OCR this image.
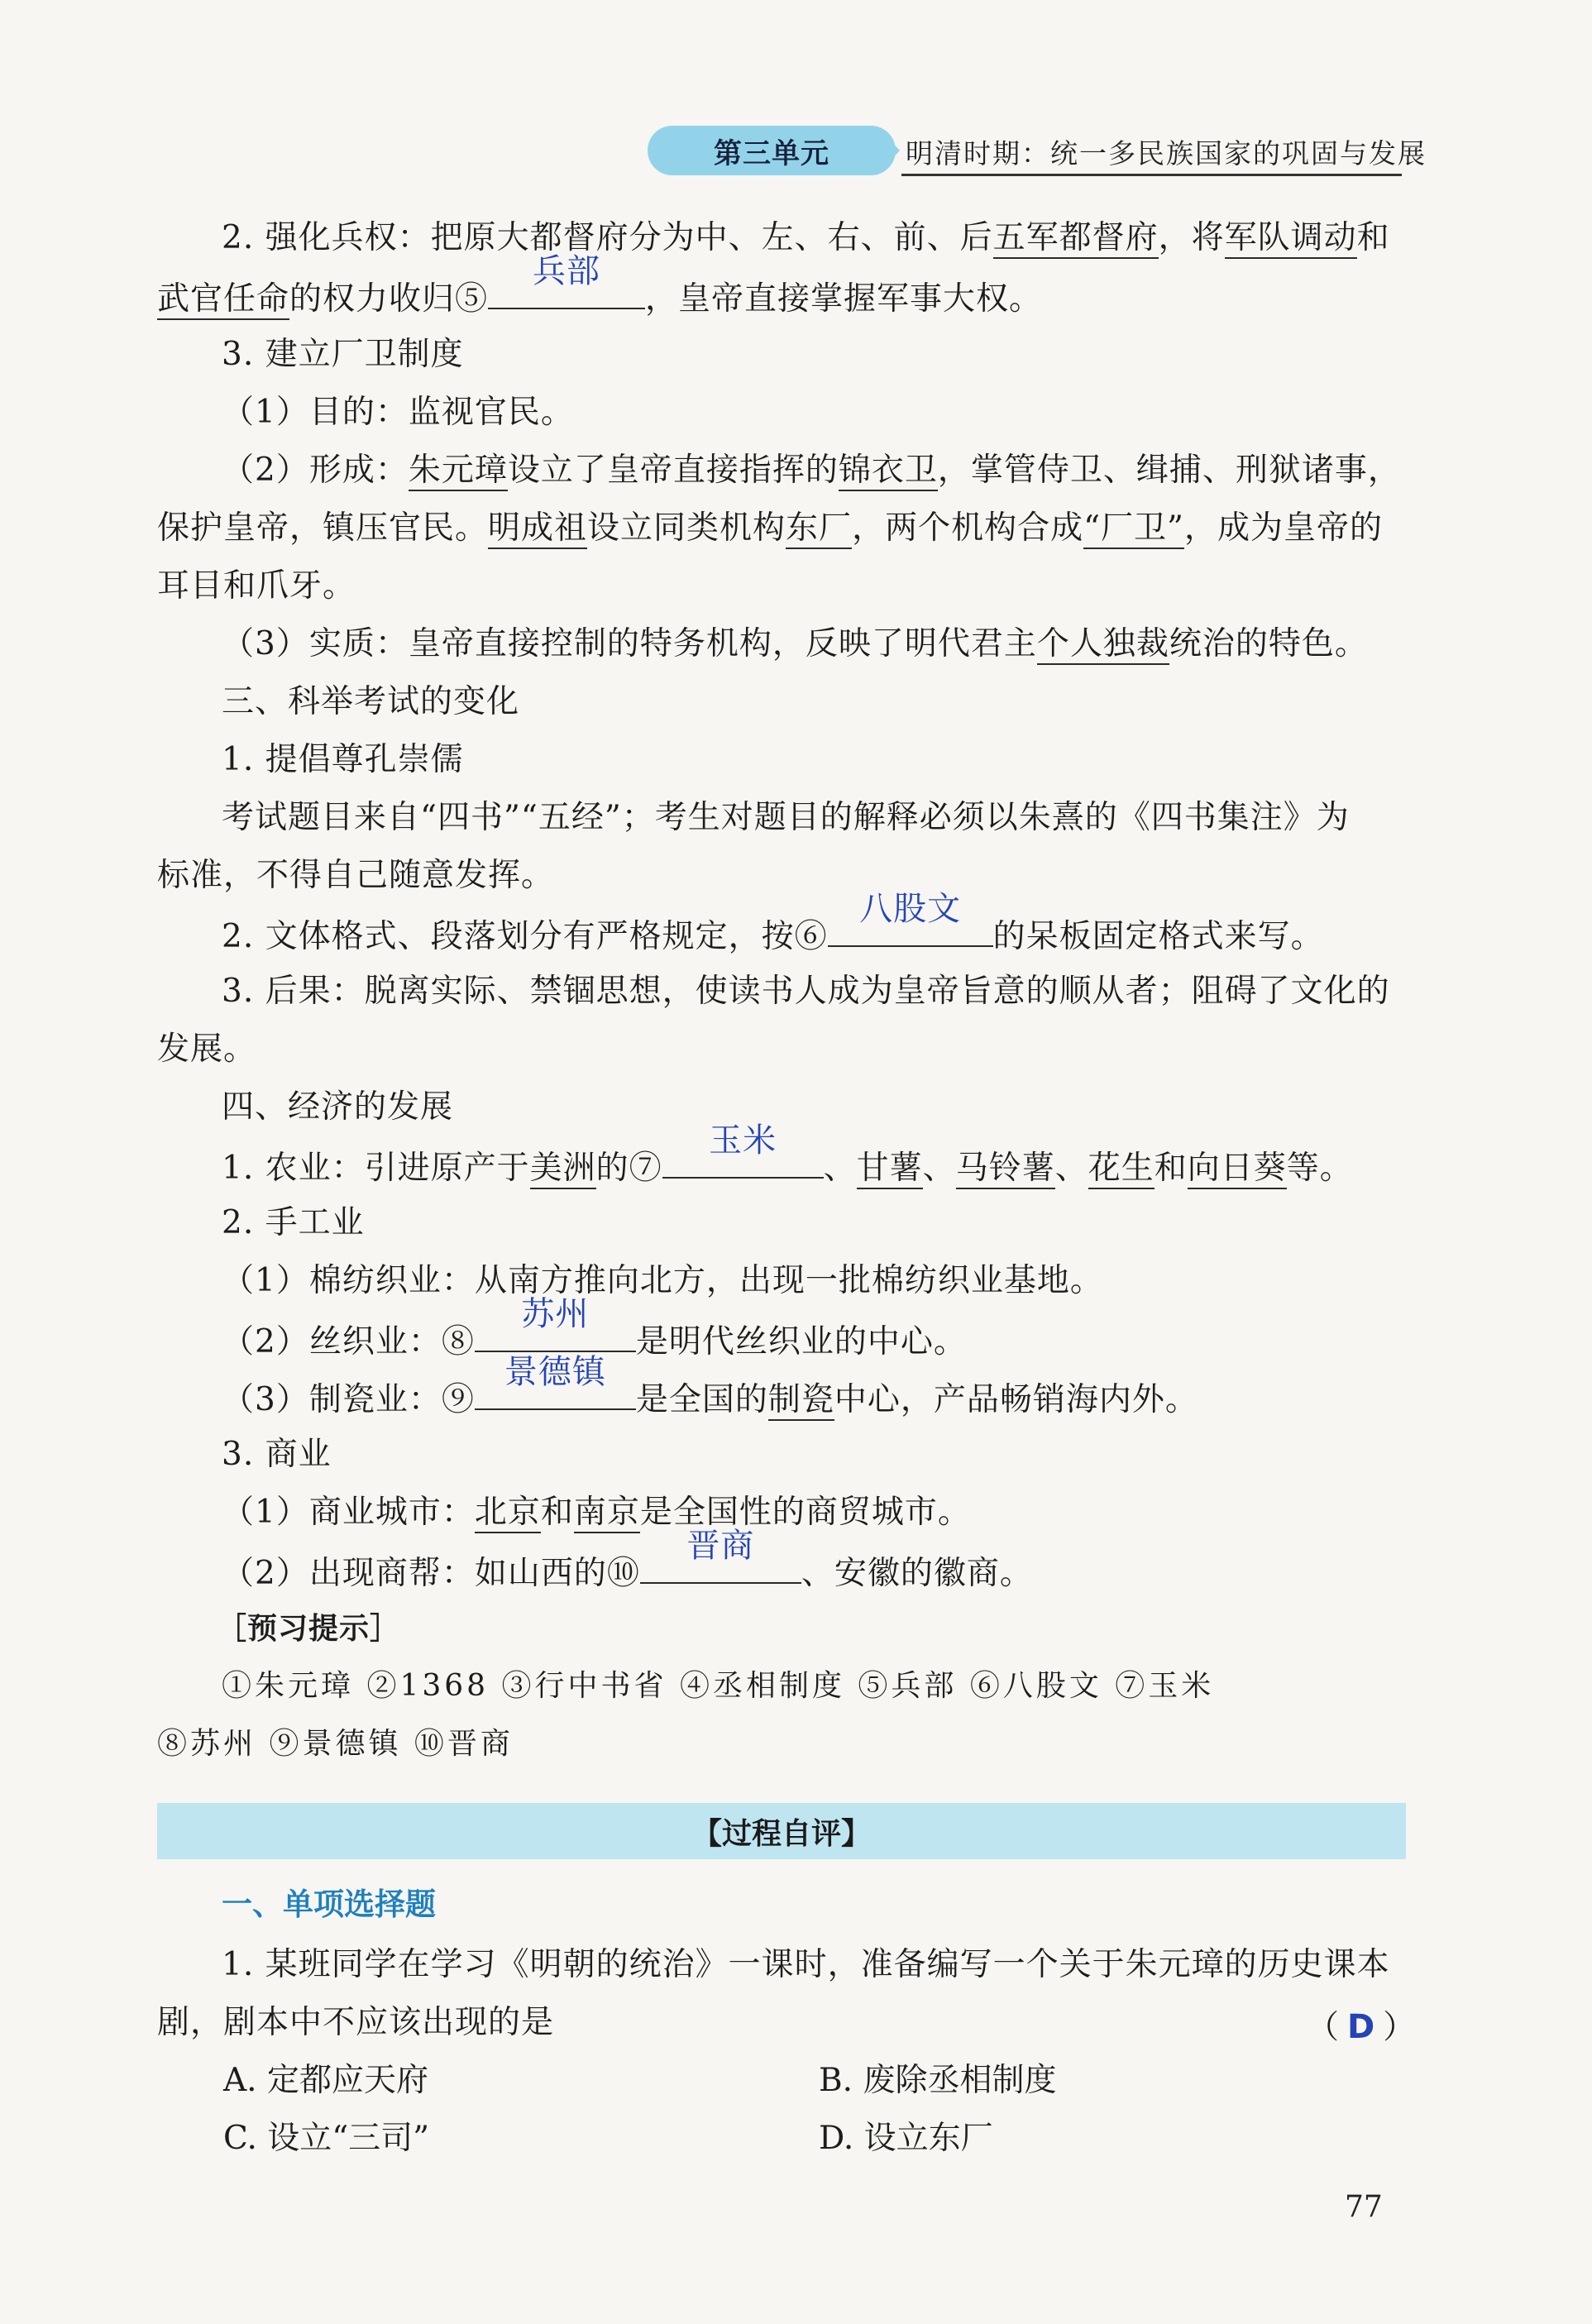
第三单元	明清时期：统一多民族国家的巩固与发展
2. 强化兵权：把原大都督府分为中、左、右、前、后五军都督府，将军队调动和
武官任命的权力收归⑤
兵部
，皇帝直接掌握军事大权。
3. 建立厂卫制度
（1）目的：监视官民。
（2）形成：朱元璋设立了皇帝直接指挥的锦衣卫，掌管侍卫、缉捕、刑狱诸事，
保护皇帝，镇压官民。明成祖设立同类机构东厂，两个机构合成“厂卫”，成为皇帝的
耳目和爪牙。
（3）实质：皇帝直接控制的特务机构，反映了明代君主个人独裁统治的特色。
三、科举考试的变化
1. 提倡尊孔崇儒
考试题目来自“四书”“五经”；考生对题目的解释必须以朱熹的《四书集注》为
标准，不得自己随意发挥。
2. 文体格式、段落划分有严格规定，按⑥
八股文
的呆板固定格式来写。
3. 后果：脱离实际、禁锢思想，使读书人成为皇帝旨意的顺从者；阻碍了文化的
发展。
四、经济的发展
1. 农业：引进原产于美洲的⑦
玉米
、甘薯、马铃薯、花生和向日葵等。
2. 手工业
（1）棉纺织业：从南方推向北方，出现一批棉纺织业基地。
（2）丝织业：⑧
苏州
是明代丝织业的中心。
（3）制瓷业：⑨
景德镇
是全国的制瓷中心，产品畅销海内外。
3. 商业
（1）商业城市：北京和南京是全国性的商贸城市。
（2）出现商帮：如山西的⑩
晋商
、安徽的徽商。
［预习提示］
①朱元璋 ②1368 ③行中书省 ④丞相制度 ⑤兵部 ⑥八股文 ⑦玉米
⑧苏州 ⑨景德镇 ⑩晋商
【过程自评】
一、单项选择题
1. 某班同学在学习《明朝的统治》一课时，准备编写一个关于朱元璋的历史课本
剧，剧本中不应该出现的是	（ D ）
A. 定都应天府	B. 废除丞相制度
C. 设立“三司”	D. 设立东厂
77
